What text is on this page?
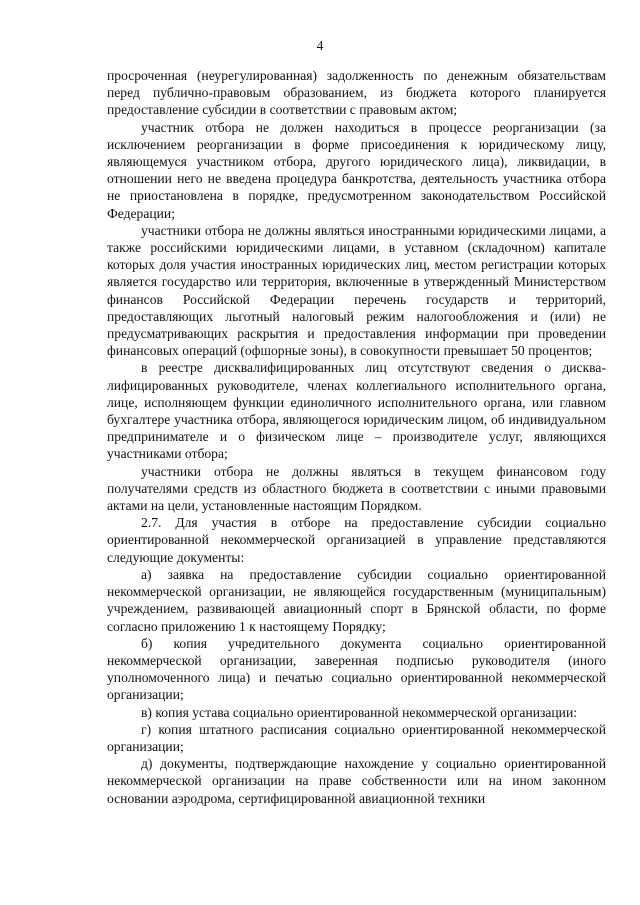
4

просроченная (неурегулированная) задолженность по денежным обязательствам перед публично-правовым образованием, из бюджета которого планируется предоставление субсидии в соответствии с правовым актом;

участник отбора не должен находиться в процессе реорганизации (за исключением реорганизации в форме присоединения к юридическому лицу, являющемуся участником отбора, другого юридического лица), ликвидации, в отношении него не введена процедура банкротства, деятельность участника отбора не приостановлена в порядке, предусмотренном законодательством Российской Федерации;

участники отбора не должны являться иностранными юридическими лицами, а также российскими юридическими лицами, в уставном (складочном) капитале которых доля участия иностранных юридических лиц, местом регистрации которых является государство или территория, включенные в утвержденный Министерством финансов Российской Федерации перечень государств и территорий, предоставляющих льготный налоговый режим налогообложения и (или) не предусматривающих раскрытия и предоставления информации при проведении финансовых операций (офшорные зоны), в совокупности превышает 50 процентов;

в реестре дисквалифицированных лиц отсутствуют сведения о дисквалифицированных руководителе, членах коллегиального исполнительного органа, лице, исполняющем функции единоличного исполнительного органа, или главном бухгалтере участника отбора, являющегося юридическим лицом, об индивидуальном предпринимателе и о физическом лице – производителе услуг, являющихся участниками отбора;

участники отбора не должны являться в текущем финансовом году получателями средств из областного бюджета в соответствии с иными правовыми актами на цели, установленные настоящим Порядком.

2.7. Для участия в отборе на предоставление субсидии социально ориентированной некоммерческой организацией в управление представляются следующие документы:

а) заявка на предоставление субсидии социально ориентированной некоммерческой организации, не являющейся государственным (муниципальным) учреждением, развивающей авиационный спорт в Брянской области, по форме согласно приложению 1 к настоящему Порядку;

б) копия учредительного документа социально ориентированной некоммерческой организации, заверенная подписью руководителя (иного уполномоченного лица) и печатью социально ориентированной некоммерческой организации;

в) копия устава социально ориентированной некоммерческой организации:

г) копия штатного расписания социально ориентированной некоммерческой организации;

д) документы, подтверждающие нахождение у социально ориентированной некоммерческой организации на праве собственности или на ином законном основании аэродрома, сертифицированной авиационной техники
